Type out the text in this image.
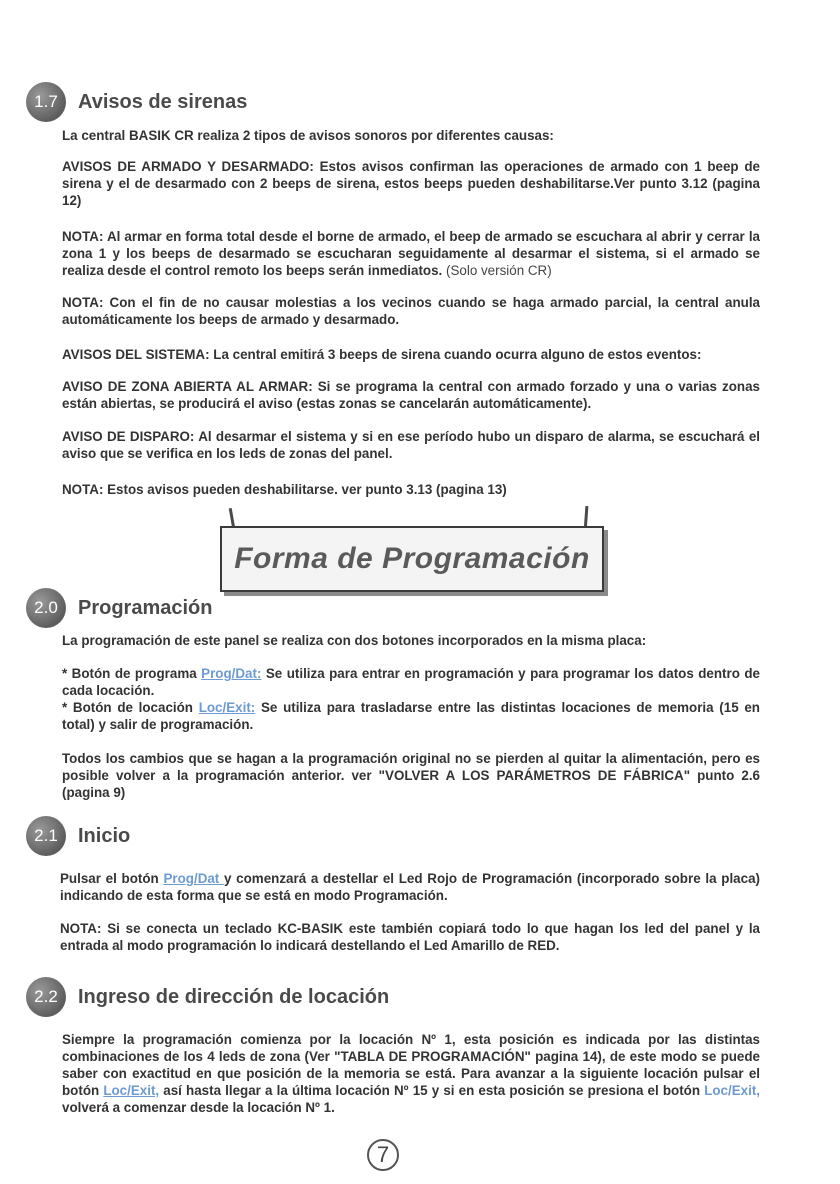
1.7	Avisos de sirenas

La central BASIK CR realiza 2 tipos de avisos sonoros por diferentes causas:

AVISOS DE ARMADO Y DESARMADO: Estos avisos confirman las operaciones de armado con 1 beep de sirena y el de desarmado con 2 beeps de sirena, estos beeps pueden deshabilitarse.Ver punto 3.12 (pagina 12)

NOTA: Al armar en forma total desde el borne de armado, el beep de armado se escuchara al abrir y cerrar la zona 1 y los beeps de desarmado se escucharan seguidamente al desarmar el sistema, si el armado se realiza desde el control remoto los beeps serán inmediatos. (Solo versión CR)

NOTA: Con el fin de no causar molestias a los vecinos cuando se haga armado parcial, la central anula automáticamente los beeps de armado y desarmado.

AVISOS DEL SISTEMA: La central emitirá 3 beeps de sirena cuando ocurra alguno de estos eventos:

AVISO DE ZONA ABIERTA AL ARMAR: Si se programa la central con armado forzado y una o varias zonas están abiertas, se producirá el aviso (estas zonas se cancelarán automáticamente).

AVISO DE DISPARO: Al desarmar el sistema y si en ese período hubo un disparo de alarma, se escuchará el aviso que se verifica en los leds de zonas del panel.

NOTA: Estos avisos pueden deshabilitarse. ver punto 3.13 (pagina 13)

Forma de Programación
2.0	Programación

La programación de este panel se realiza con dos botones incorporados en la misma placa:

* Botón de programa Prog/Dat: Se utiliza para entrar en programación y para programar los datos dentro de cada locación.

* Botón de locación Loc/Exit: Se utiliza para trasladarse entre las distintas locaciones de memoria (15 en total) y salir de programación.

Todos los cambios que se hagan a la programación original no se pierden al quitar la alimentación, pero es posible volver a la programación anterior. ver "VOLVER A LOS PARÁMETROS DE FÁBRICA" punto 2.6 (pagina 9)

2.1	Inicio

Pulsar el botón Prog/Dat y comenzará a destellar el Led Rojo de Programación (incorporado sobre la placa) indicando de esta forma que se está en modo Programación.

NOTA: Si se conecta un teclado KC-BASIK este también copiará todo lo que hagan los led del panel y la entrada al modo programación lo indicará destellando el Led Amarillo de RED.

2.2	Ingreso de dirección de locación

Siempre la programación comienza por la locación Nº 1, esta posición es indicada por las distintas combinaciones de los 4 leds de zona (Ver "TABLA DE PROGRAMACIÓN" pagina 14), de este modo se puede saber con exactitud en que posición de la memoria se está. Para avanzar a la siguiente locación pulsar el botón Loc/Exit, así hasta llegar a la última locación Nº 15 y si en esta posición se presiona el botón Loc/Exit, volverá a comenzar desde la locación Nº 1.

7
